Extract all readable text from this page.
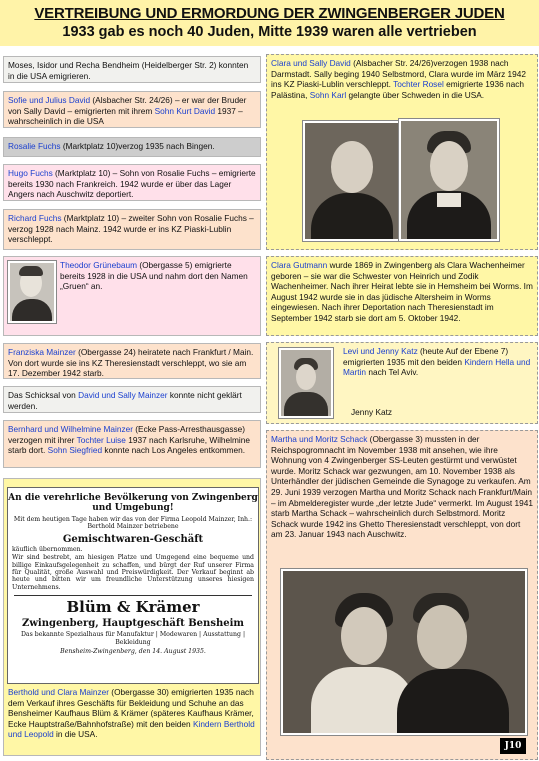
VERTREIBUNG UND ERMORDUNG DER ZWINGENBERGER JUDEN
1933 gab es noch 40 Juden, Mitte 1939 waren alle vertrieben
Moses, Isidor und Recha Bendheim (Heidelberger Str. 2) konnten in die USA emigrieren.
Sofie und Julius David (Alsbacher Str. 24/26) – er war der Bruder von Sally David – emigrierten mit ihrem Sohn Kurt David 1937 – wahrscheinlich in die USA
Rosalie Fuchs (Marktplatz 10)verzog 1935 nach Bingen.
Hugo Fuchs (Marktplatz 10) – Sohn von Rosalie Fuchs – emigrierte bereits 1930 nach Frankreich. 1942 wurde er über das Lager Angers nach Auschwitz deportiert.
Richard Fuchs (Marktplatz 10) – zweiter Sohn von Rosalie Fuchs – verzog 1928 nach Mainz. 1942 wurde er ins KZ Piaski-Lublin verschleppt.
Theodor Grünebaum (Obergasse 5) emigrierte bereits 1928 in die USA und nahm dort den Namen „Gruen“ an.
Franziska Mainzer (Obergasse 24) heiratete nach Frankfurt / Main. Von dort wurde sie ins KZ Theresienstadt verschleppt, wo sie am 17. Dezember 1942 starb.
Das Schicksal von David und Sally Mainzer konnte nicht geklärt werden.
Bernhard und Wilhelmine Mainzer (Ecke Pass-Arresthausgasse) verzogen mit ihrer Tochter Luise 1937 nach Karlsruhe, Wilhelmine starb dort. Sohn Siegfried konnte nach Los Angeles entkommen.
Berthold und Clara Mainzer (Obergasse 30) emigrierten 1935 nach dem Verkauf ihres Geschäfts für Bekleidung und Schuhe an das Bensheimer Kaufhaus Blüm & Krämer (späteres Kaufhaus Krämer, Ecke Hauptstraße/Bahnhofstraße) mit den beiden Kindern Berthold und Leopold in die USA.
An die verehrliche Bevölkerung von Zwingenberg und Umgebung!
Mit dem heutigen Tage haben wir das von der Firma Leopold Mainzer, Inh.: Berthold Mainzer betriebene
Gemischtwaren-Geschäft
käuflich übernommen.
Wir sind bestrebt, am hiesigen Platze und Umgegend eine bequeme und billige Einkaufsgelegenheit zu schaffen, und bürgt der Ruf unserer Firma für Qualität, große Auswahl und Preiswürdigkeit. Der Verkauf beginnt ab heute und bitten wir um freundliche Unterstützung unseres hiesigen Unternehmens.
Blüm & Krämer
Zwingenberg, Hauptgeschäft Bensheim
Das bekannte Spezialhaus für Manufaktur | Modewaren | Ausstattung | Bekleidung
Bensheim-Zwingenberg, den 14. August 1935.
Clara und Sally David (Alsbacher Str. 24/26)verzogen 1938 nach Darmstadt. Sally beging 1940 Selbstmord, Clara wurde im März 1942 ins KZ Piaski-Lublin verschleppt. Tochter Rosel emigrierte 1936 nach Palästina, Sohn Karl gelangte über Schweden in die USA.
Clara Gutmann wurde 1869 in Zwingenberg als Clara Wachenheimer geboren – sie war die Schwester von Heinrich und Zodik Wachenheimer. Nach ihrer Heirat lebte sie in Hemsheim bei Worms. Im August 1942 wurde sie in das jüdische Altersheim in Worms eingewiesen. Nach ihrer Deportation nach Theresienstadt im September 1942 starb sie dort am 5. Oktober 1942.
Levi und Jenny Katz (heute Auf der Ebene 7) emigrierten 1935 mit den beiden Kindern Hella und Martin nach Tel Aviv.
Jenny Katz
Martha und Moritz Schack (Obergasse 3) mussten in der Reichspogromnacht im November 1938 mit ansehen, wie ihre Wohnung von 4 Zwingenberger SS-Leuten gestürmt und verwüstet wurde. Moritz Schack war gezwungen, am 10. November 1938 als Unterhändler der jüdischen Gemeinde die Synagoge zu verkaufen. Am 29. Juni 1939 verzogen Martha und Moritz Schack nach Frankfurt/Main – im Abmelderegister wurde „der letzte Jude“ vermerkt. Im August 1941 starb Martha Schack – wahrscheinlich durch Selbstmord. Moritz Schack wurde 1942 ins Ghetto Theresienstadt verschleppt, von dort am 23. Januar 1943 nach Auschwitz.
J10
